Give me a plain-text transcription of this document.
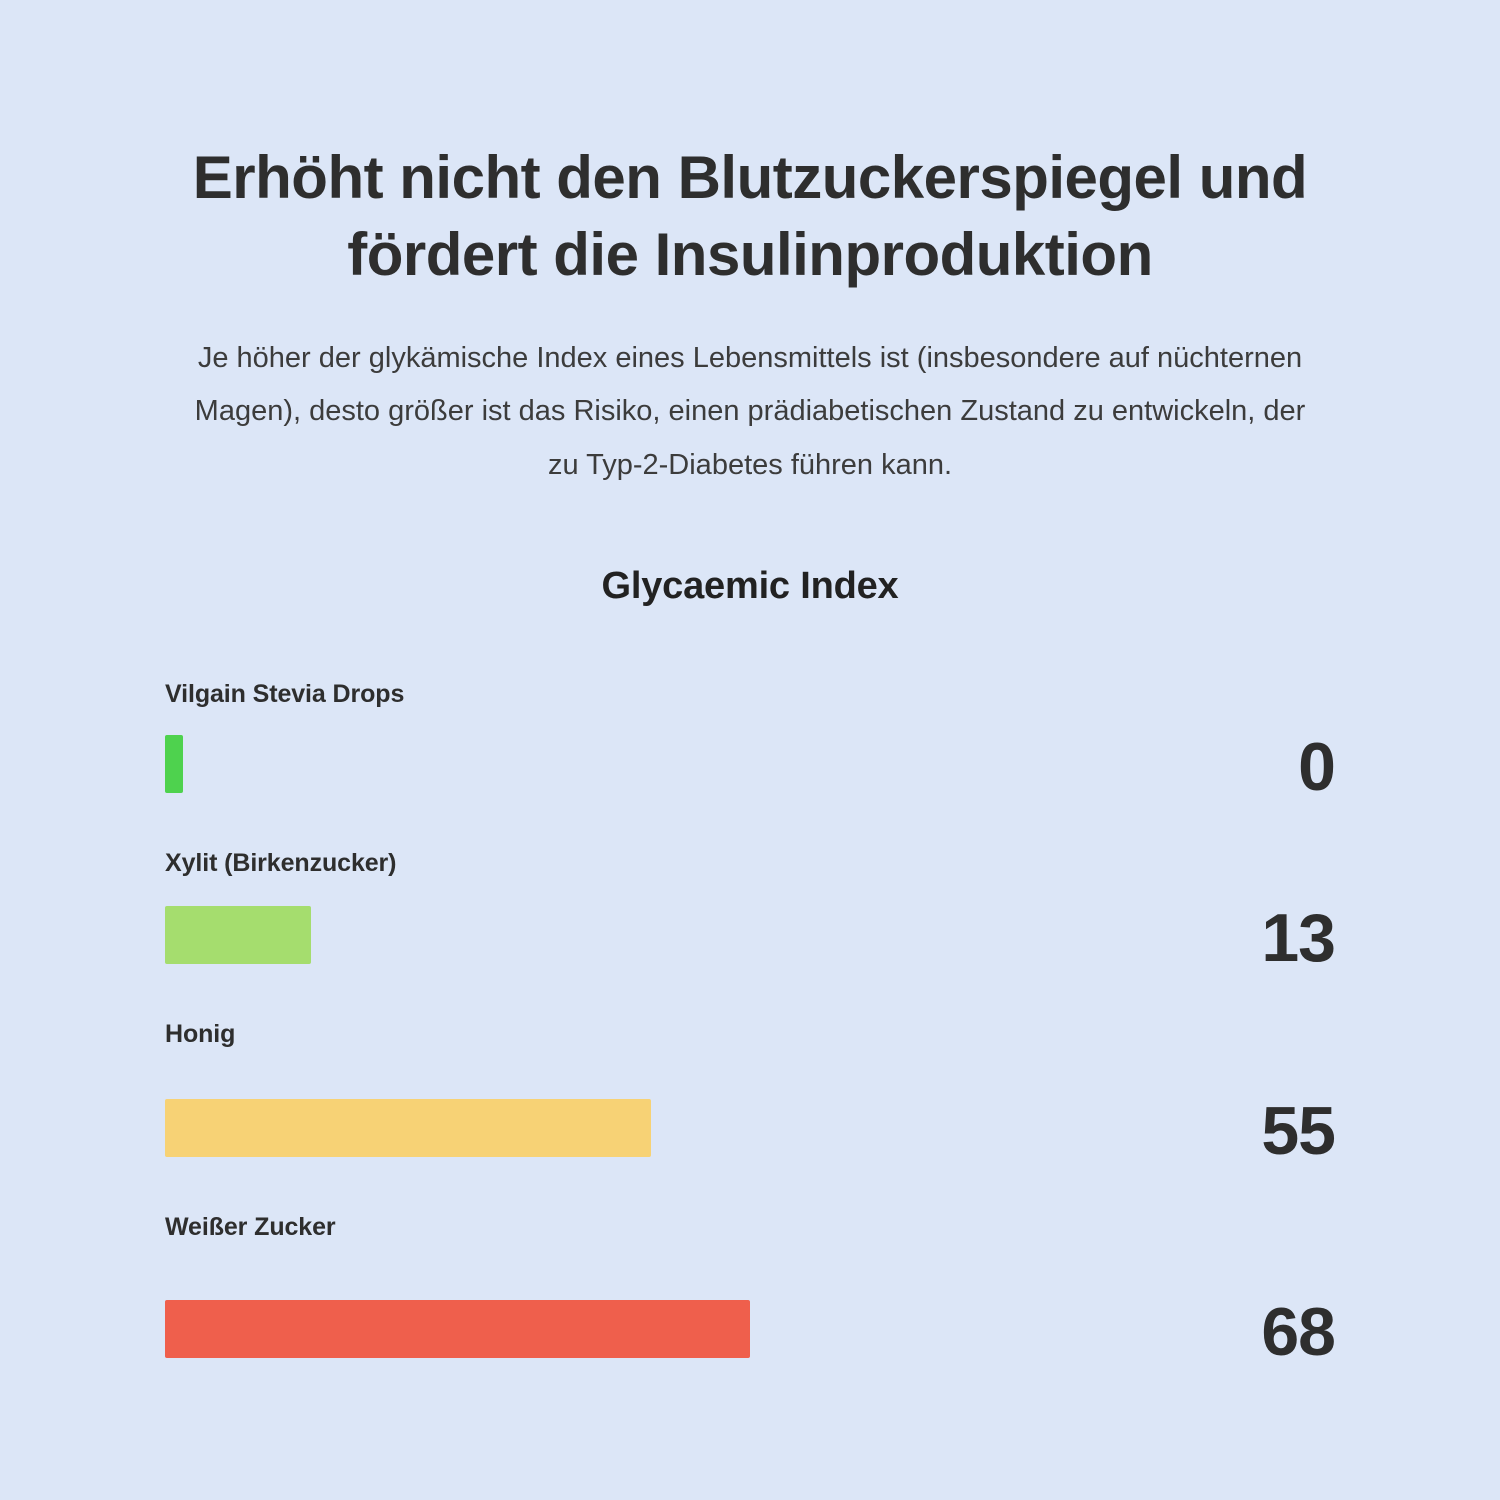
Erhöht nicht den Blutzuckerspiegel und fördert die Insulinproduktion

Je höher der glykämische Index eines Lebensmittels ist (insbesondere auf nüchternen Magen), desto größer ist das Risiko, einen prädiabetischen Zustand zu entwickeln, der zu Typ-2-Diabetes führen kann.

Glycaemic Index
Vilgain Stevia Drops
0
Xylit (Birkenzucker)
13
Honig
55
Weißer Zucker
68
